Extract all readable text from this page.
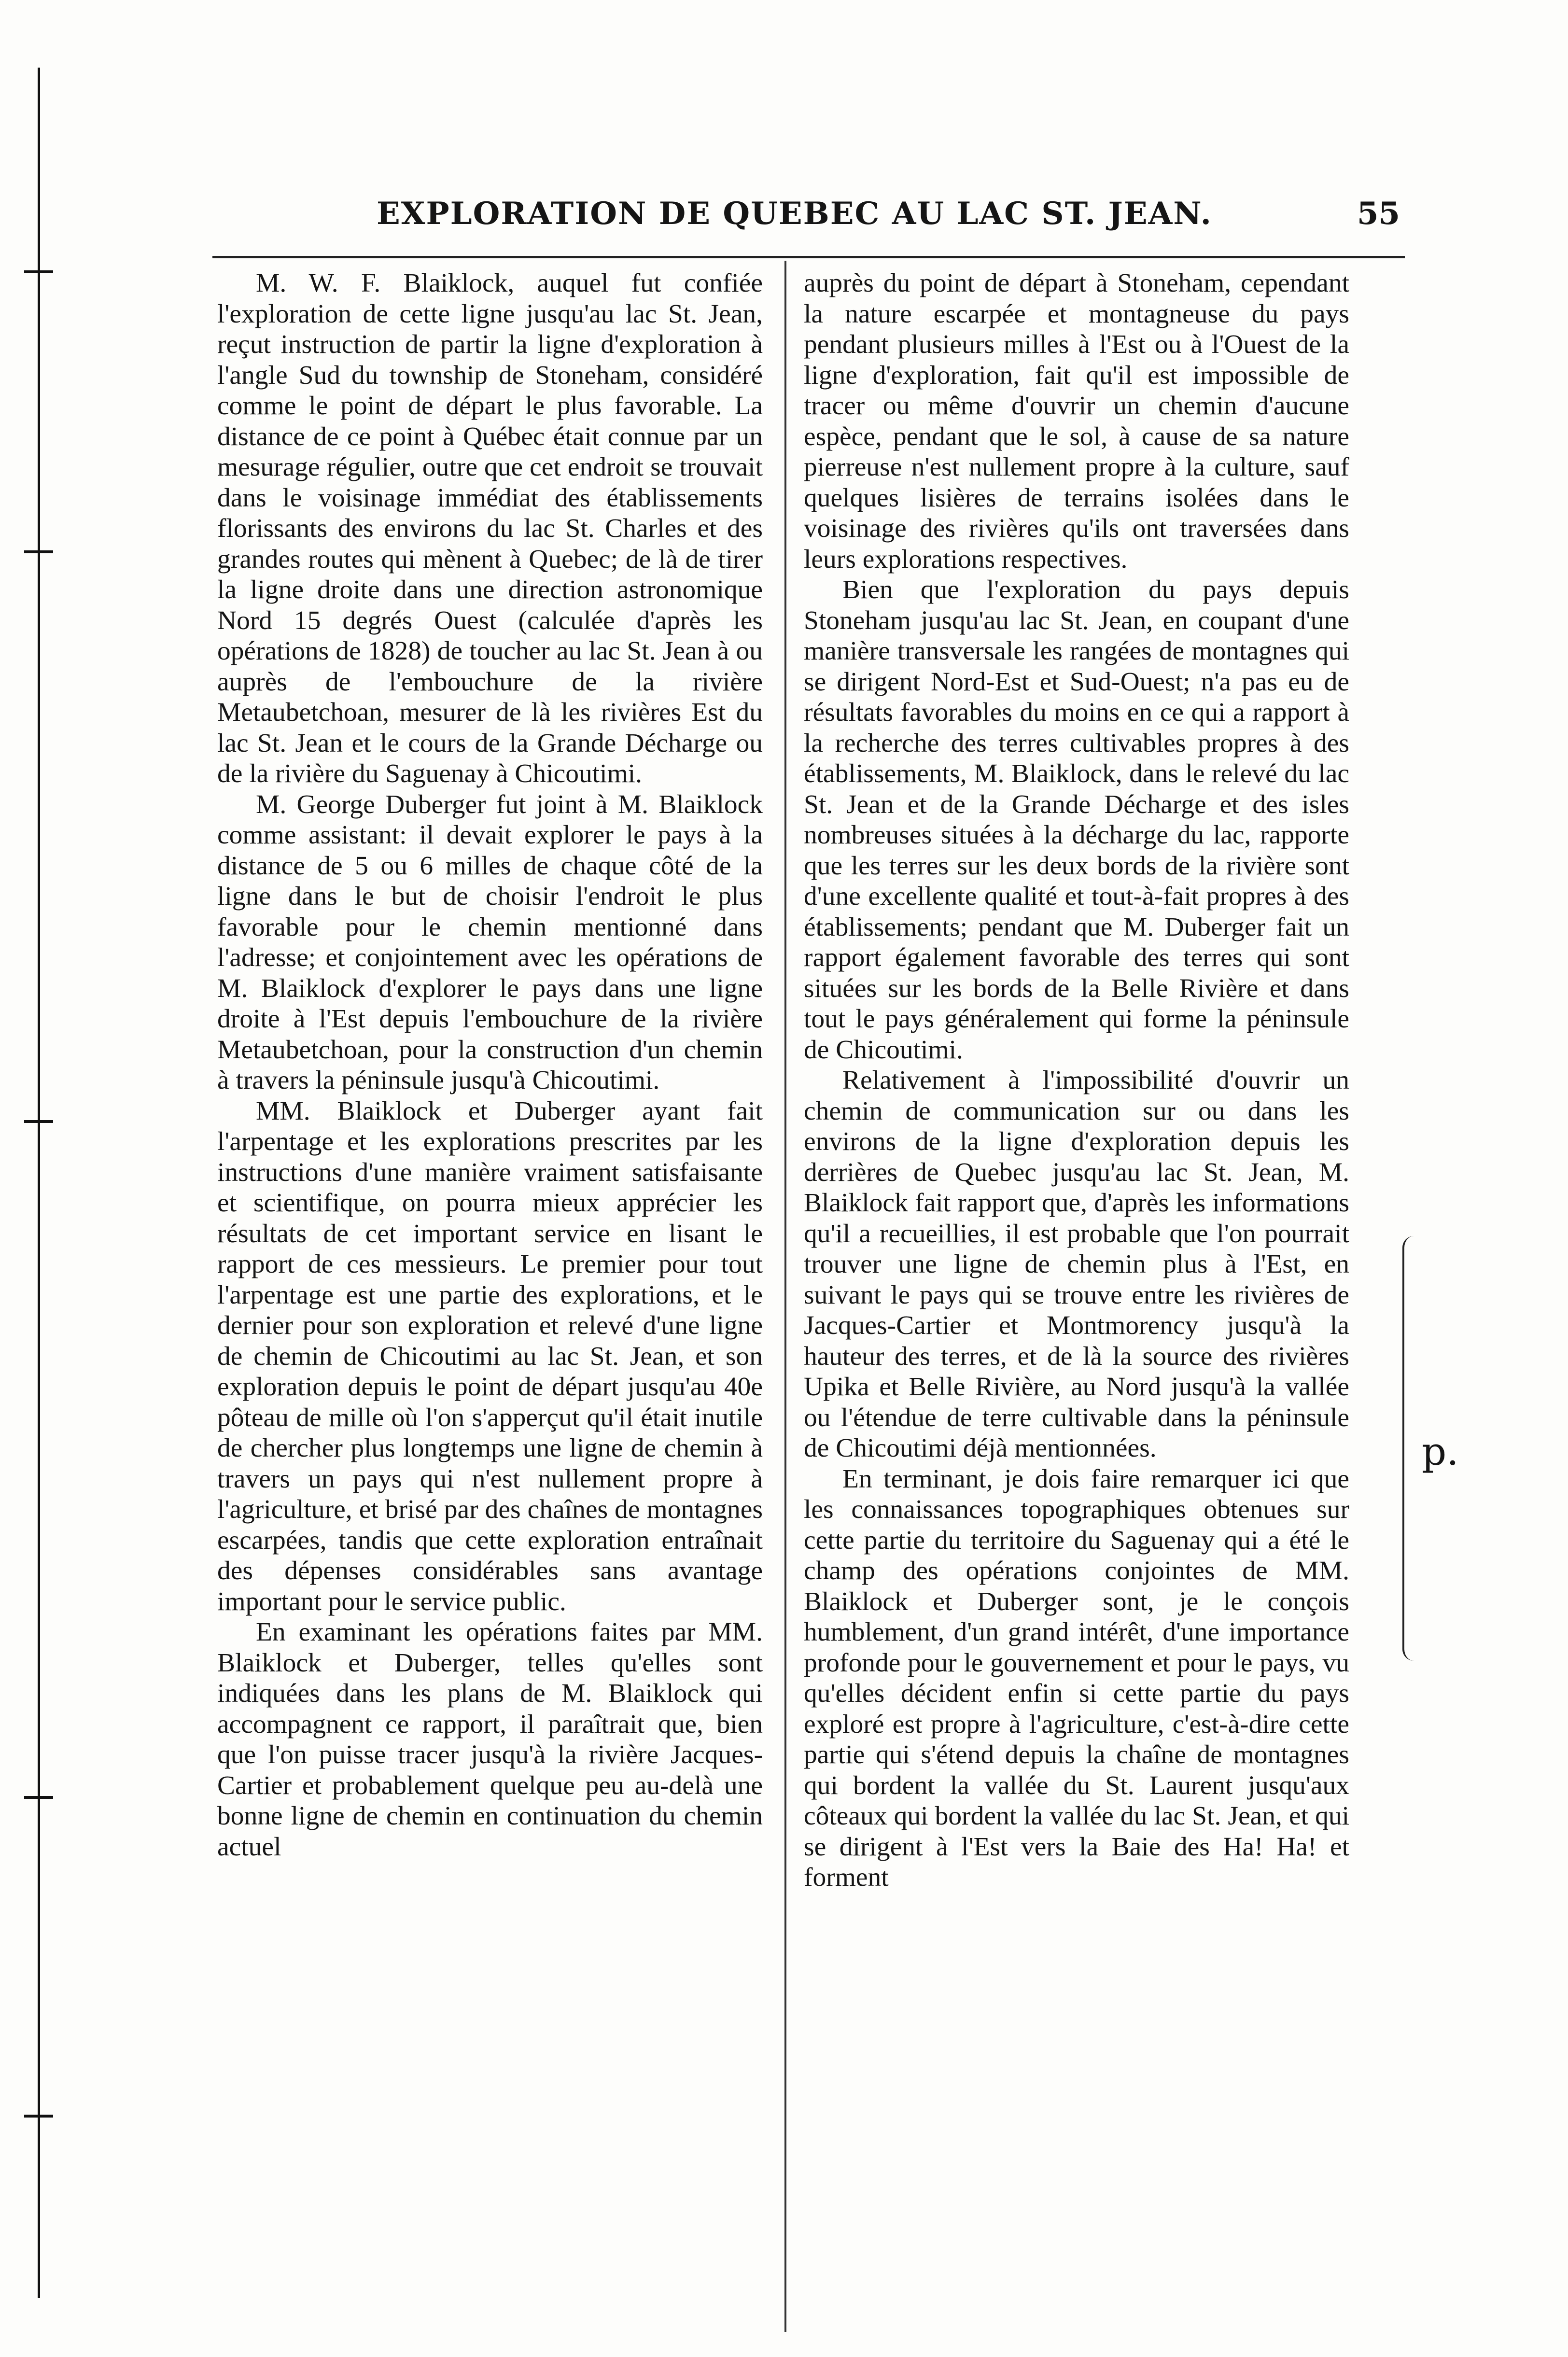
EXPLORATION DE QUEBEC AU LAC ST. JEAN.	55

M. W. F. Blaiklock, auquel fut confiée l'exploration de cette ligne jusqu'au lac St. Jean, reçut instruction de partir la ligne d'exploration à l'angle Sud du township de Stoneham, considéré comme le point de départ le plus favorable. La distance de ce point à Québec était connue par un mesurage régulier, outre que cet endroit se trouvait dans le voisinage immédiat des établissements florissants des environs du lac St. Charles et des grandes routes qui mènent à Quebec; de là de tirer la ligne droite dans une direction astronomique Nord 15 degrés Ouest (calculée d'après les opérations de 1828) de toucher au lac St. Jean à ou auprès de l'embouchure de la rivière Metaubetchoan, mesurer de là les rivières Est du lac St. Jean et le cours de la Grande Décharge ou de la rivière du Saguenay à Chicoutimi.

M. George Duberger fut joint à M. Blaiklock comme assistant: il devait explorer le pays à la distance de 5 ou 6 milles de chaque côté de la ligne dans le but de choisir l'endroit le plus favorable pour le chemin mentionné dans l'adresse; et conjointement avec les opérations de M. Blaiklock d'explorer le pays dans une ligne droite à l'Est depuis l'embouchure de la rivière Metaubetchoan, pour la construction d'un chemin à travers la péninsule jusqu'à Chicoutimi.

MM. Blaiklock et Duberger ayant fait l'arpentage et les explorations prescrites par les instructions d'une manière vraiment satisfaisante et scientifique, on pourra mieux apprécier les résultats de cet important service en lisant le rapport de ces messieurs. Le premier pour tout l'arpentage est une partie des explorations, et le dernier pour son exploration et relevé d'une ligne de chemin de Chicoutimi au lac St. Jean, et son exploration depuis le point de départ jusqu'au 40e pôteau de mille où l'on s'apperçut qu'il était inutile de chercher plus longtemps une ligne de chemin à travers un pays qui n'est nullement propre à l'agriculture, et brisé par des chaînes de montagnes escarpées, tandis que cette exploration entraînait des dépenses considérables sans avantage important pour le service public.

En examinant les opérations faites par MM. Blaiklock et Duberger, telles qu'elles sont indiquées dans les plans de M. Blaiklock qui accompagnent ce rapport, il paraîtrait que, bien que l'on puisse tracer jusqu'à la rivière Jacques-Cartier et probablement quelque peu au-delà une bonne ligne de chemin en continuation du chemin actuel

auprès du point de départ à Stoneham, cependant la nature escarpée et montagneuse du pays pendant plusieurs milles à l'Est ou à l'Ouest de la ligne d'exploration, fait qu'il est impossible de tracer ou même d'ouvrir un chemin d'aucune espèce, pendant que le sol, à cause de sa nature pierreuse n'est nullement propre à la culture, sauf quelques lisières de terrains isolées dans le voisinage des rivières qu'ils ont traversées dans leurs explorations respectives.

Bien que l'exploration du pays depuis Stoneham jusqu'au lac St. Jean, en coupant d'une manière transversale les rangées de montagnes qui se dirigent Nord-Est et Sud-Ouest; n'a pas eu de résultats favorables du moins en ce qui a rapport à la recherche des terres cultivables propres à des établissements, M. Blaiklock, dans le relevé du lac St. Jean et de la Grande Décharge et des isles nombreuses situées à la décharge du lac, rapporte que les terres sur les deux bords de la rivière sont d'une excellente qualité et tout-à-fait propres à des établissements; pendant que M. Duberger fait un rapport également favorable des terres qui sont situées sur les bords de la Belle Rivière et dans tout le pays généralement qui forme la péninsule de Chicoutimi.

Relativement à l'impossibilité d'ouvrir un chemin de communication sur ou dans les environs de la ligne d'exploration depuis les derrières de Quebec jusqu'au lac St. Jean, M. Blaiklock fait rapport que, d'après les informations qu'il a recueillies, il est probable que l'on pourrait trouver une ligne de chemin plus à l'Est, en suivant le pays qui se trouve entre les rivières de Jacques-Cartier et Montmorency jusqu'à la hauteur des terres, et de là la source des rivières Upika et Belle Rivière, au Nord jusqu'à la vallée ou l'étendue de terre cultivable dans la péninsule de Chicoutimi déjà mentionnées.

En terminant, je dois faire remarquer ici que les connaissances topographiques obtenues sur cette partie du territoire du Saguenay qui a été le champ des opérations conjointes de MM. Blaiklock et Duberger sont, je le conçois humblement, d'un grand intérêt, d'une importance profonde pour le gouvernement et pour le pays, vu qu'elles décident enfin si cette partie du pays exploré est propre à l'agriculture, c'est-à-dire cette partie qui s'étend depuis la chaîne de montagnes qui bordent la vallée du St. Laurent jusqu'aux côteaux qui bordent la vallée du lac St. Jean, et qui se dirigent à l'Est vers la Baie des Ha! Ha! et forment

p.
